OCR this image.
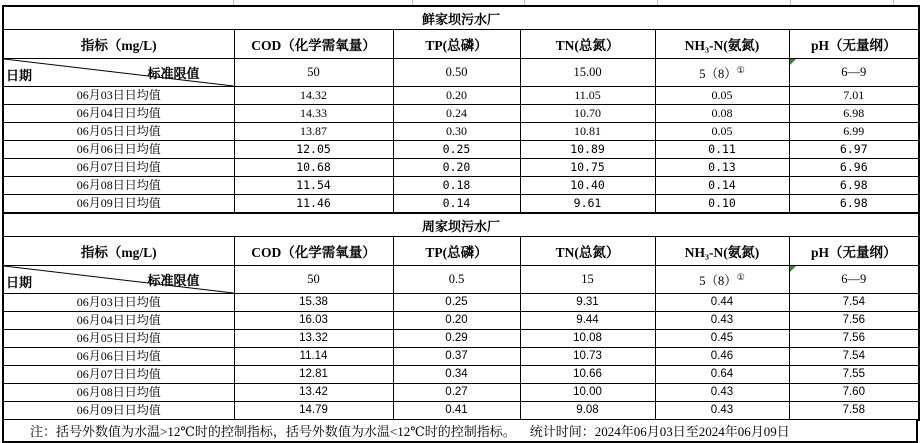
鲜家坝污水厂					
指标（mg/L)	COD（化学需氧量）	TP(总磷）	TN(总氮）	NH₃-N(氨氮)	pH（无量纲）

日期 标准限值	50	0.50	15.00	5（8）①	6—9
06月03日日均值	14.32	0.20	11.05	0.05	7.01
06月04日日均值	14.33	0.24	10.70	0.08	6.98
06月05日日均值	13.87	0.30	10.81	0.05	6.99
06月06日日均值	12.05	0.25	10.89	0.11	6.97
06月07日日均值	10.68	0.20	10.75	0.13	6.96
06月08日日均值	11.54	0.18	10.40	0.14	6.98
06月09日日均值	11.46	0.14	9.61	0.10	6.98
周家坝污水厂					
指标（mg/L)	COD（化学需氧量）	TP(总磷）	TN(总氮）	NH₃-N(氨氮)	pH（无量纲）

日期 标准限值	50	0.5	15	5（8）①	6—9
06月03日日均值	15.38	0.25	9.31	0.44	7.54
06月04日日均值	16.03	0.20	9.44	0.43	7.56
06月05日日均值	13.32	0.29	10.08	0.45	7.56
06月06日日均值	11.14	0.37	10.73	0.46	7.54
06月07日日均值	12.81	0.34	10.66	0.64	7.55
06月08日日均值	13.42	0.27	10.00	0.43	7.60
06月09日日均值	14.79	0.41	9.08	0.43	7.58
注：括号外数值为水温>12℃时的控制指标，括号外数值为水温<12℃时的控制指标。 统计时间：2024年06月03日至2024年06月09日
